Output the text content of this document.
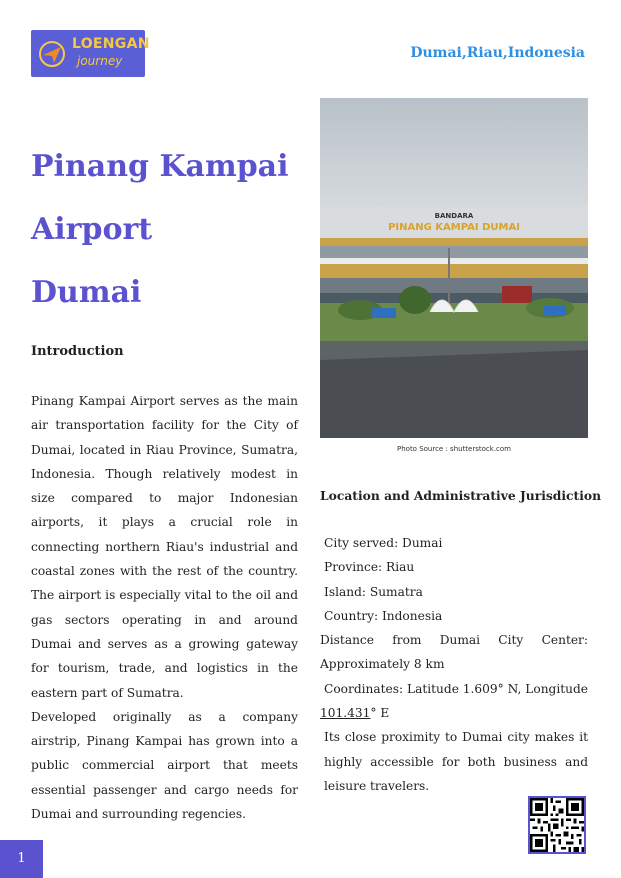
LOENGAN
journey	Dumai,Riau,Indonesia
Pinang Kampai
Airport
Dumai
Introduction

Pinang Kampai Airport serves as the main air transportation facility for the City of Dumai, located in Riau Province, Sumatra, Indonesia. Though relatively modest in size compared to major Indonesian airports, it plays a crucial role in connecting northern Riau's industrial and coastal zones with the rest of the country. The airport is especially vital to the oil and gas sectors operating in and around Dumai and serves as a growing gateway for tourism, trade, and logistics in the eastern part of Sumatra.

Developed originally as a company airstrip, Pinang Kampai has grown into a public commercial airport that meets essential passenger and cargo needs for Dumai and surrounding regencies.

BANDARA
PINANG KAMPAI DUMAI
Photo Source : shutterstock.com
Location and Administrative Jurisdiction
City served: Dumai
Province: Riau
Island: Sumatra
Country: Indonesia
Distance from Dumai City Center:
Approximately 8 km
Coordinates: Latitude 1.609° N, Longitude
101.431° E
Its close proximity to Dumai city makes it highly accessible for both business and leisure travelers.
1
